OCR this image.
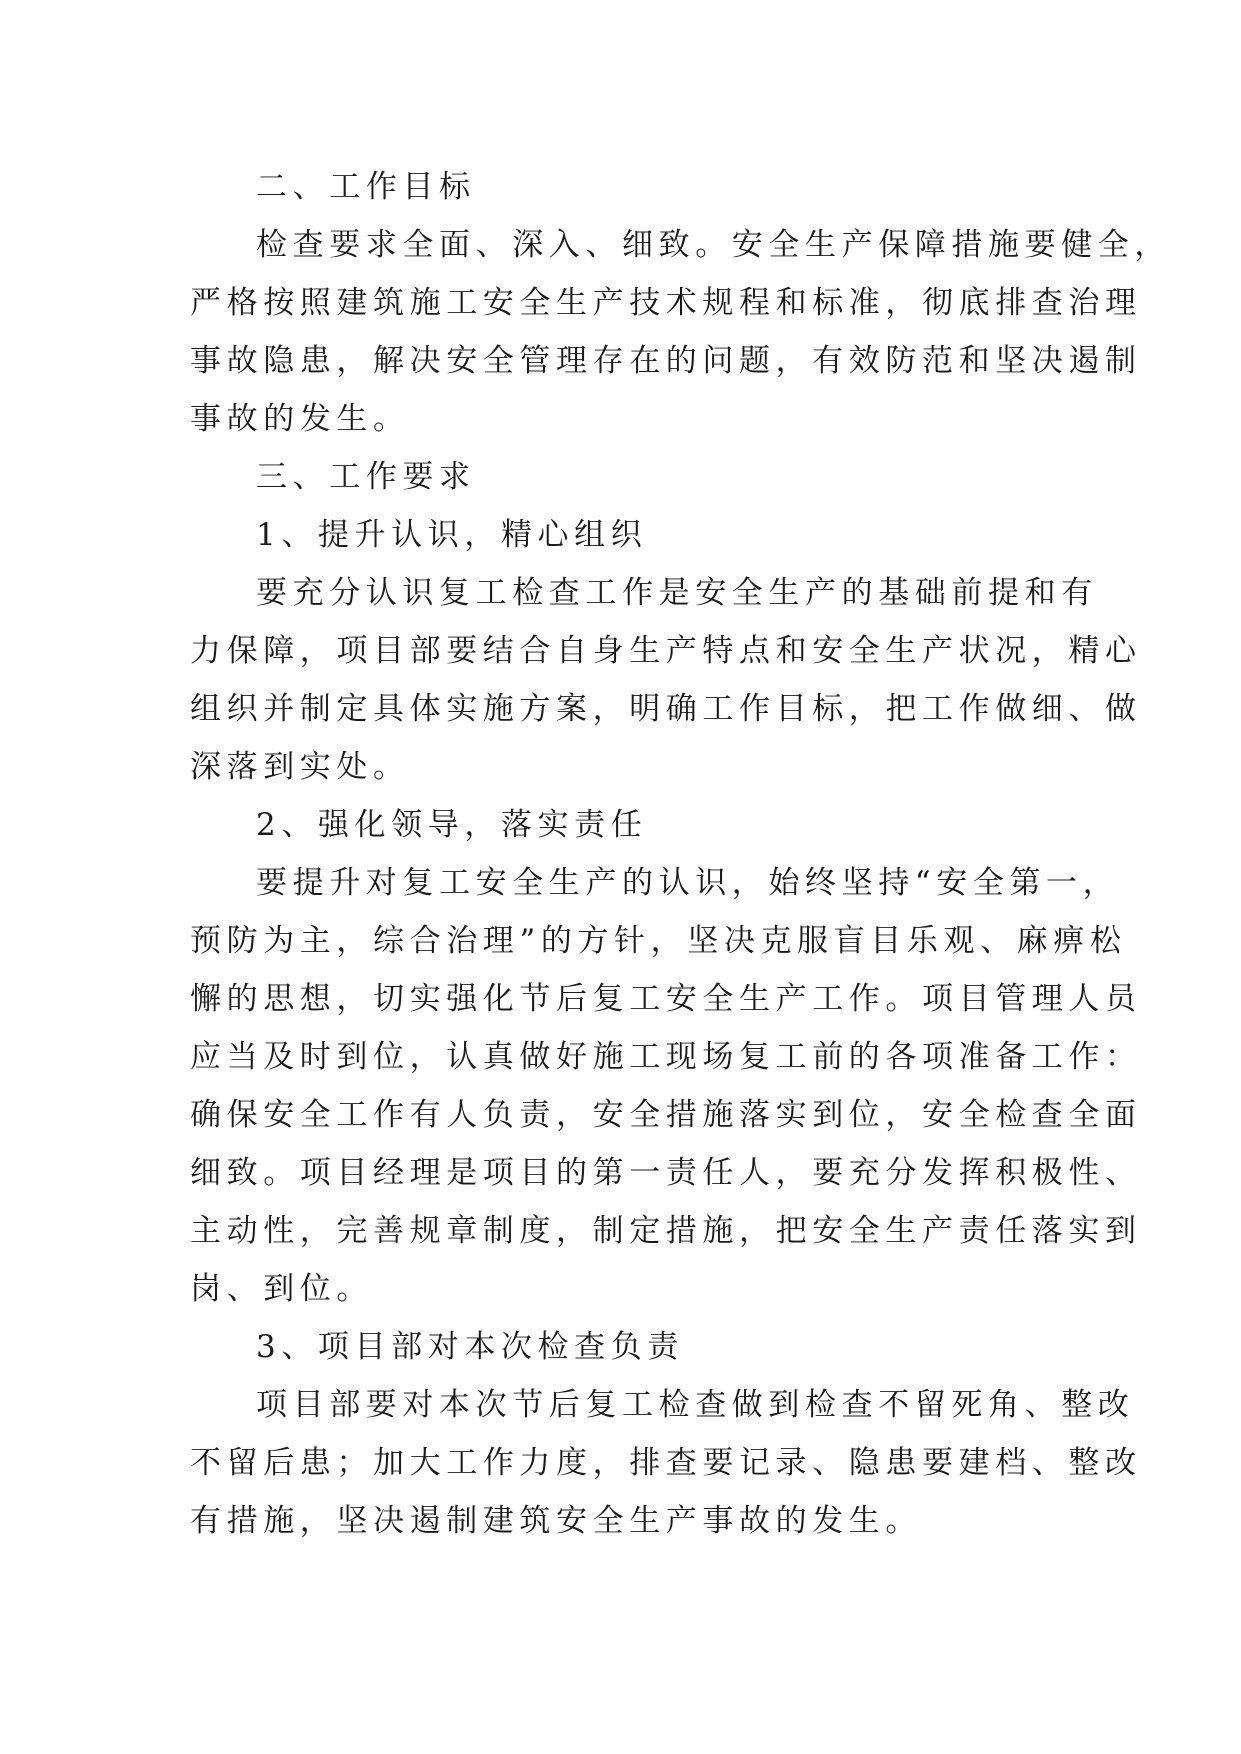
二、工作目标
检查要求全面、深入、细致。安全生产保障措施要健全，
严格按照建筑施工安全生产技术规程和标准，彻底排查治理
事故隐患，解决安全管理存在的问题，有效防范和坚决遏制
事故的发生。
三、工作要求
1、提升认识，精心组织
要充分认识复工检查工作是安全生产的基础前提和有
力保障，项目部要结合自身生产特点和安全生产状况，精心
组织并制定具体实施方案，明确工作目标，把工作做细、做
深落到实处。
2、强化领导，落实责任
要提升对复工安全生产的认识，始终坚持“安全第一，
预防为主，综合治理”的方针，坚决克服盲目乐观、麻痹松
懈的思想，切实强化节后复工安全生产工作。项目管理人员
应当及时到位，认真做好施工现场复工前的各项准备工作：
确保安全工作有人负责，安全措施落实到位，安全检查全面
细致。项目经理是项目的第一责任人，要充分发挥积极性、
主动性，完善规章制度，制定措施，把安全生产责任落实到
岗、到位。
3、项目部对本次检查负责
项目部要对本次节后复工检查做到检查不留死角、整改
不留后患；加大工作力度，排查要记录、隐患要建档、整改
有措施，坚决遏制建筑安全生产事故的发生。
